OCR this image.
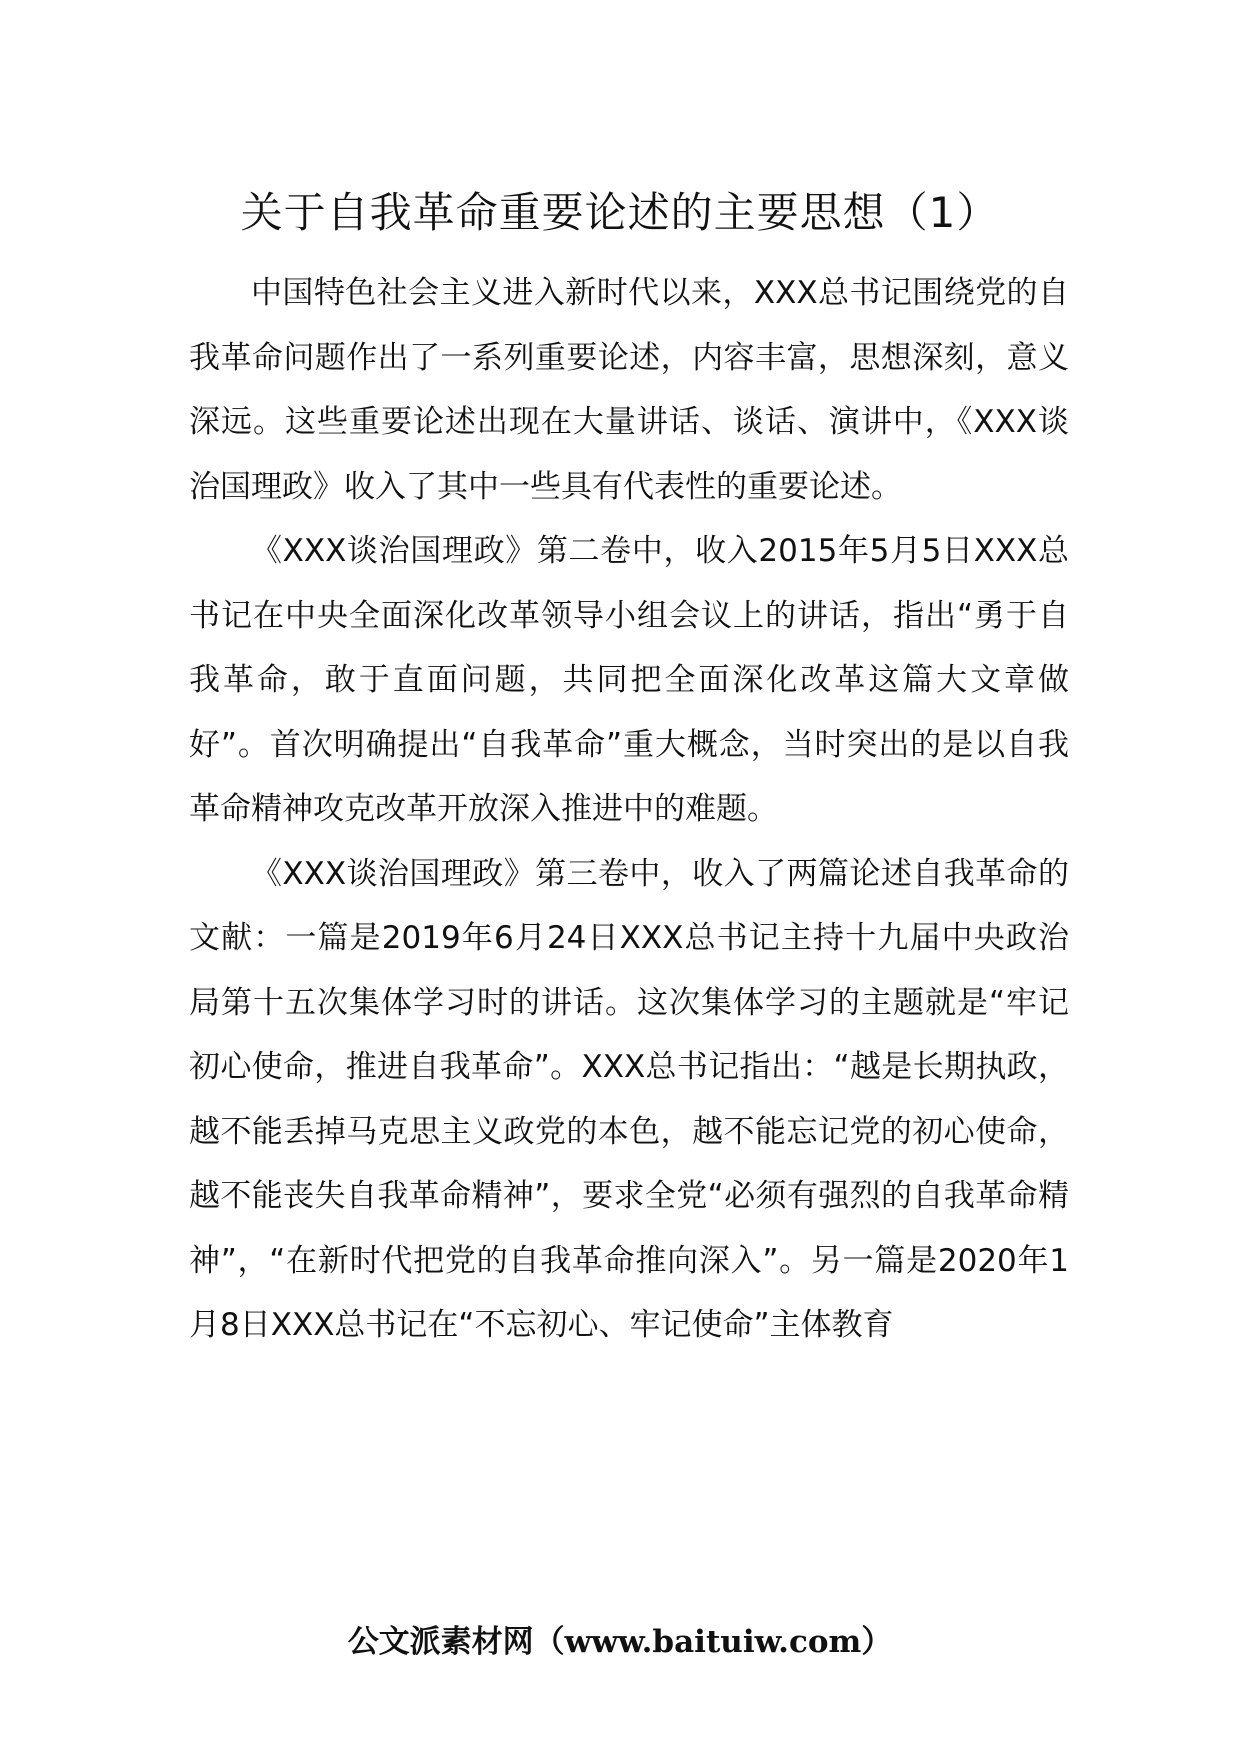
关于自我革命重要论述的主要思想（1）

中国特色社会主义进入新时代以来，XXX总书记围绕党的自我革命问题作出了一系列重要论述，内容丰富，思想深刻，意义深远。这些重要论述出现在大量讲话、谈话、演讲中，《XXX谈治国理政》收入了其中一些具有代表性的重要论述。

《XXX谈治国理政》第二卷中，收入2015年5月5日XXX总书记在中央全面深化改革领导小组会议上的讲话，指出“勇于自我革命，敢于直面问题，共同把全面深化改革这篇大文章做好”。首次明确提出“自我革命”重大概念，当时突出的是以自我革命精神攻克改革开放深入推进中的难题。

《XXX谈治国理政》第三卷中，收入了两篇论述自我革命的文献：一篇是2019年6月24日XXX总书记主持十九届中央政治局第十五次集体学习时的讲话。这次集体学习的主题就是“牢记初心使命，推进自我革命”。XXX总书记指出：“越是长期执政，越不能丢掉马克思主义政党的本色，越不能忘记党的初心使命，越不能丧失自我革命精神”，要求全党“必须有强烈的自我革命精神”，“在新时代把党的自我革命推向深入”。另一篇是2020年1月8日XXX总书记在“不忘初心、牢记使命”主体教育

公文派素材网（www.baituiw.com）
